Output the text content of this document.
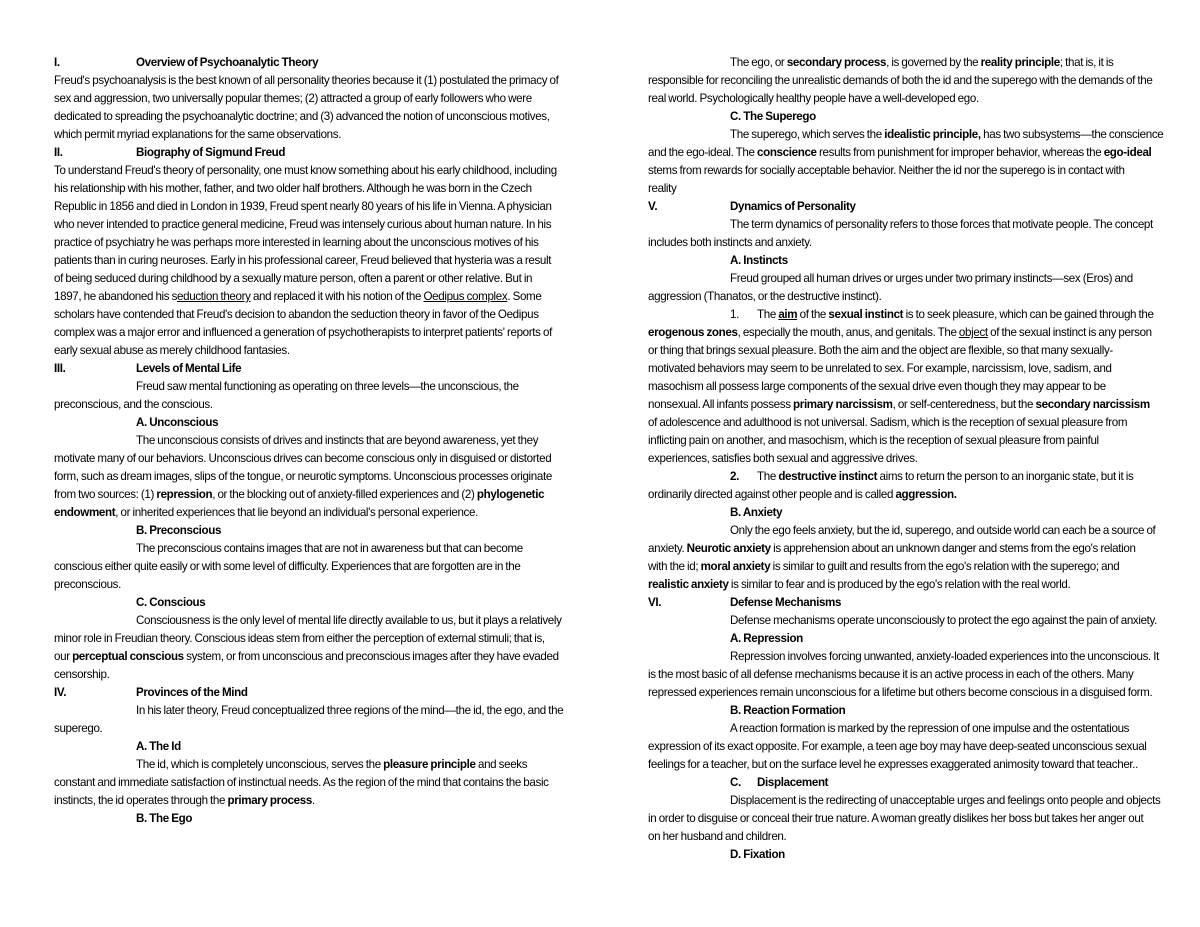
I.	Overview of Psychoanalytic Theory
Freud's psychoanalysis is the best known of all personality theories because it (1) postulated the primacy of
sex and aggression, two universally popular themes; (2) attracted a group of early followers who were
dedicated to spreading the psychoanalytic doctrine; and (3) advanced the notion of unconscious motives,
which permit myriad explanations for the same observations.
II.	Biography of Sigmund Freud
To understand Freud's theory of personality, one must know something about his early childhood, including
his relationship with his mother, father, and two older half brothers. Although he was born in the Czech
Republic in 1856 and died in London in 1939, Freud spent nearly 80 years of his life in Vienna. A physician
who never intended to practice general medicine, Freud was intensely curious about human nature. In his
practice of psychiatry he was perhaps more interested in learning about the unconscious motives of his
patients than in curing neuroses. Early in his professional career, Freud believed that hysteria was a result
of being seduced during childhood by a sexually mature person, often a parent or other relative. But in
1897, he abandoned his seduction theory and replaced it with his notion of the Oedipus complex. Some
scholars have contended that Freud's decision to abandon the seduction theory in favor of the Oedipus
complex was a major error and influenced a generation of psychotherapists to interpret patients' reports of
early sexual abuse as merely childhood fantasies.
III.	Levels of Mental Life
Freud saw mental functioning as operating on three levels—the unconscious, the
preconscious, and the conscious.
A. Unconscious
The unconscious consists of drives and instincts that are beyond awareness, yet they
motivate many of our behaviors. Unconscious drives can become conscious only in disguised or distorted
form, such as dream images, slips of the tongue, or neurotic symptoms. Unconscious processes originate
from two sources: (1) repression, or the blocking out of anxiety-filled experiences and (2) phylogenetic
endowment, or inherited experiences that lie beyond an individual's personal experience.
B. Preconscious
The preconscious contains images that are not in awareness but that can become
conscious either quite easily or with some level of difficulty. Experiences that are forgotten are in the
preconscious.
C. Conscious
Consciousness is the only level of mental life directly available to us, but it plays a relatively
minor role in Freudian theory. Conscious ideas stem from either the perception of external stimuli; that is,
our perceptual conscious system, or from unconscious and preconscious images after they have evaded
censorship.
IV.	Provinces of the Mind
In his later theory, Freud conceptualized three regions of the mind—the id, the ego, and the
superego.
A. The Id
The id, which is completely unconscious, serves the pleasure principle and seeks
constant and immediate satisfaction of instinctual needs. As the region of the mind that contains the basic
instincts, the id operates through the primary process.
B. The Ego
The ego, or secondary process, is governed by the reality principle; that is, it is
responsible for reconciling the unrealistic demands of both the id and the superego with the demands of the
real world. Psychologically healthy people have a well-developed ego.
C. The Superego
The superego, which serves the idealistic principle, has two subsystems—the conscience
and the ego-ideal. The conscience results from punishment for improper behavior, whereas the ego-ideal
stems from rewards for socially acceptable behavior. Neither the id nor the superego is in contact with
reality
V.	Dynamics of Personality
The term dynamics of personality refers to those forces that motivate people. The concept
includes both instincts and anxiety.
A. Instincts
Freud grouped all human drives or urges under two primary instincts—sex (Eros) and
aggression (Thanatos, or the destructive instinct).
1. The aim of the sexual instinct is to seek pleasure, which can be gained through the
erogenous zones, especially the mouth, anus, and genitals. The object of the sexual instinct is any person
or thing that brings sexual pleasure. Both the aim and the object are flexible, so that many sexually-
motivated behaviors may seem to be unrelated to sex. For example, narcissism, love, sadism, and
masochism all possess large components of the sexual drive even though they may appear to be
nonsexual. All infants possess primary narcissism, or self-centeredness, but the secondary narcissism
of adolescence and adulthood is not universal. Sadism, which is the reception of sexual pleasure from
inflicting pain on another, and masochism, which is the reception of sexual pleasure from painful
experiences, satisfies both sexual and aggressive drives.
2. The destructive instinct aims to return the person to an inorganic state, but it is
ordinarily directed against other people and is called aggression.
B. Anxiety
Only the ego feels anxiety, but the id, superego, and outside world can each be a source of
anxiety. Neurotic anxiety is apprehension about an unknown danger and stems from the ego's relation
with the id; moral anxiety is similar to guilt and results from the ego's relation with the superego; and
realistic anxiety is similar to fear and is produced by the ego's relation with the real world.
VI.	Defense Mechanisms
Defense mechanisms operate unconsciously to protect the ego against the pain of anxiety.
A. Repression
Repression involves forcing unwanted, anxiety-loaded experiences into the unconscious. It
is the most basic of all defense mechanisms because it is an active process in each of the others. Many
repressed experiences remain unconscious for a lifetime but others become conscious in a disguised form.
B. Reaction Formation
A reaction formation is marked by the repression of one impulse and the ostentatious
expression of its exact opposite. For example, a teen age boy may have deep-seated unconscious sexual
feelings for a teacher, but on the surface level he expresses exaggerated animosity toward that teacher..
C. Displacement
Displacement is the redirecting of unacceptable urges and feelings onto people and objects
in order to disguise or conceal their true nature. A woman greatly dislikes her boss but takes her anger out
on her husband and children.
D. Fixation
